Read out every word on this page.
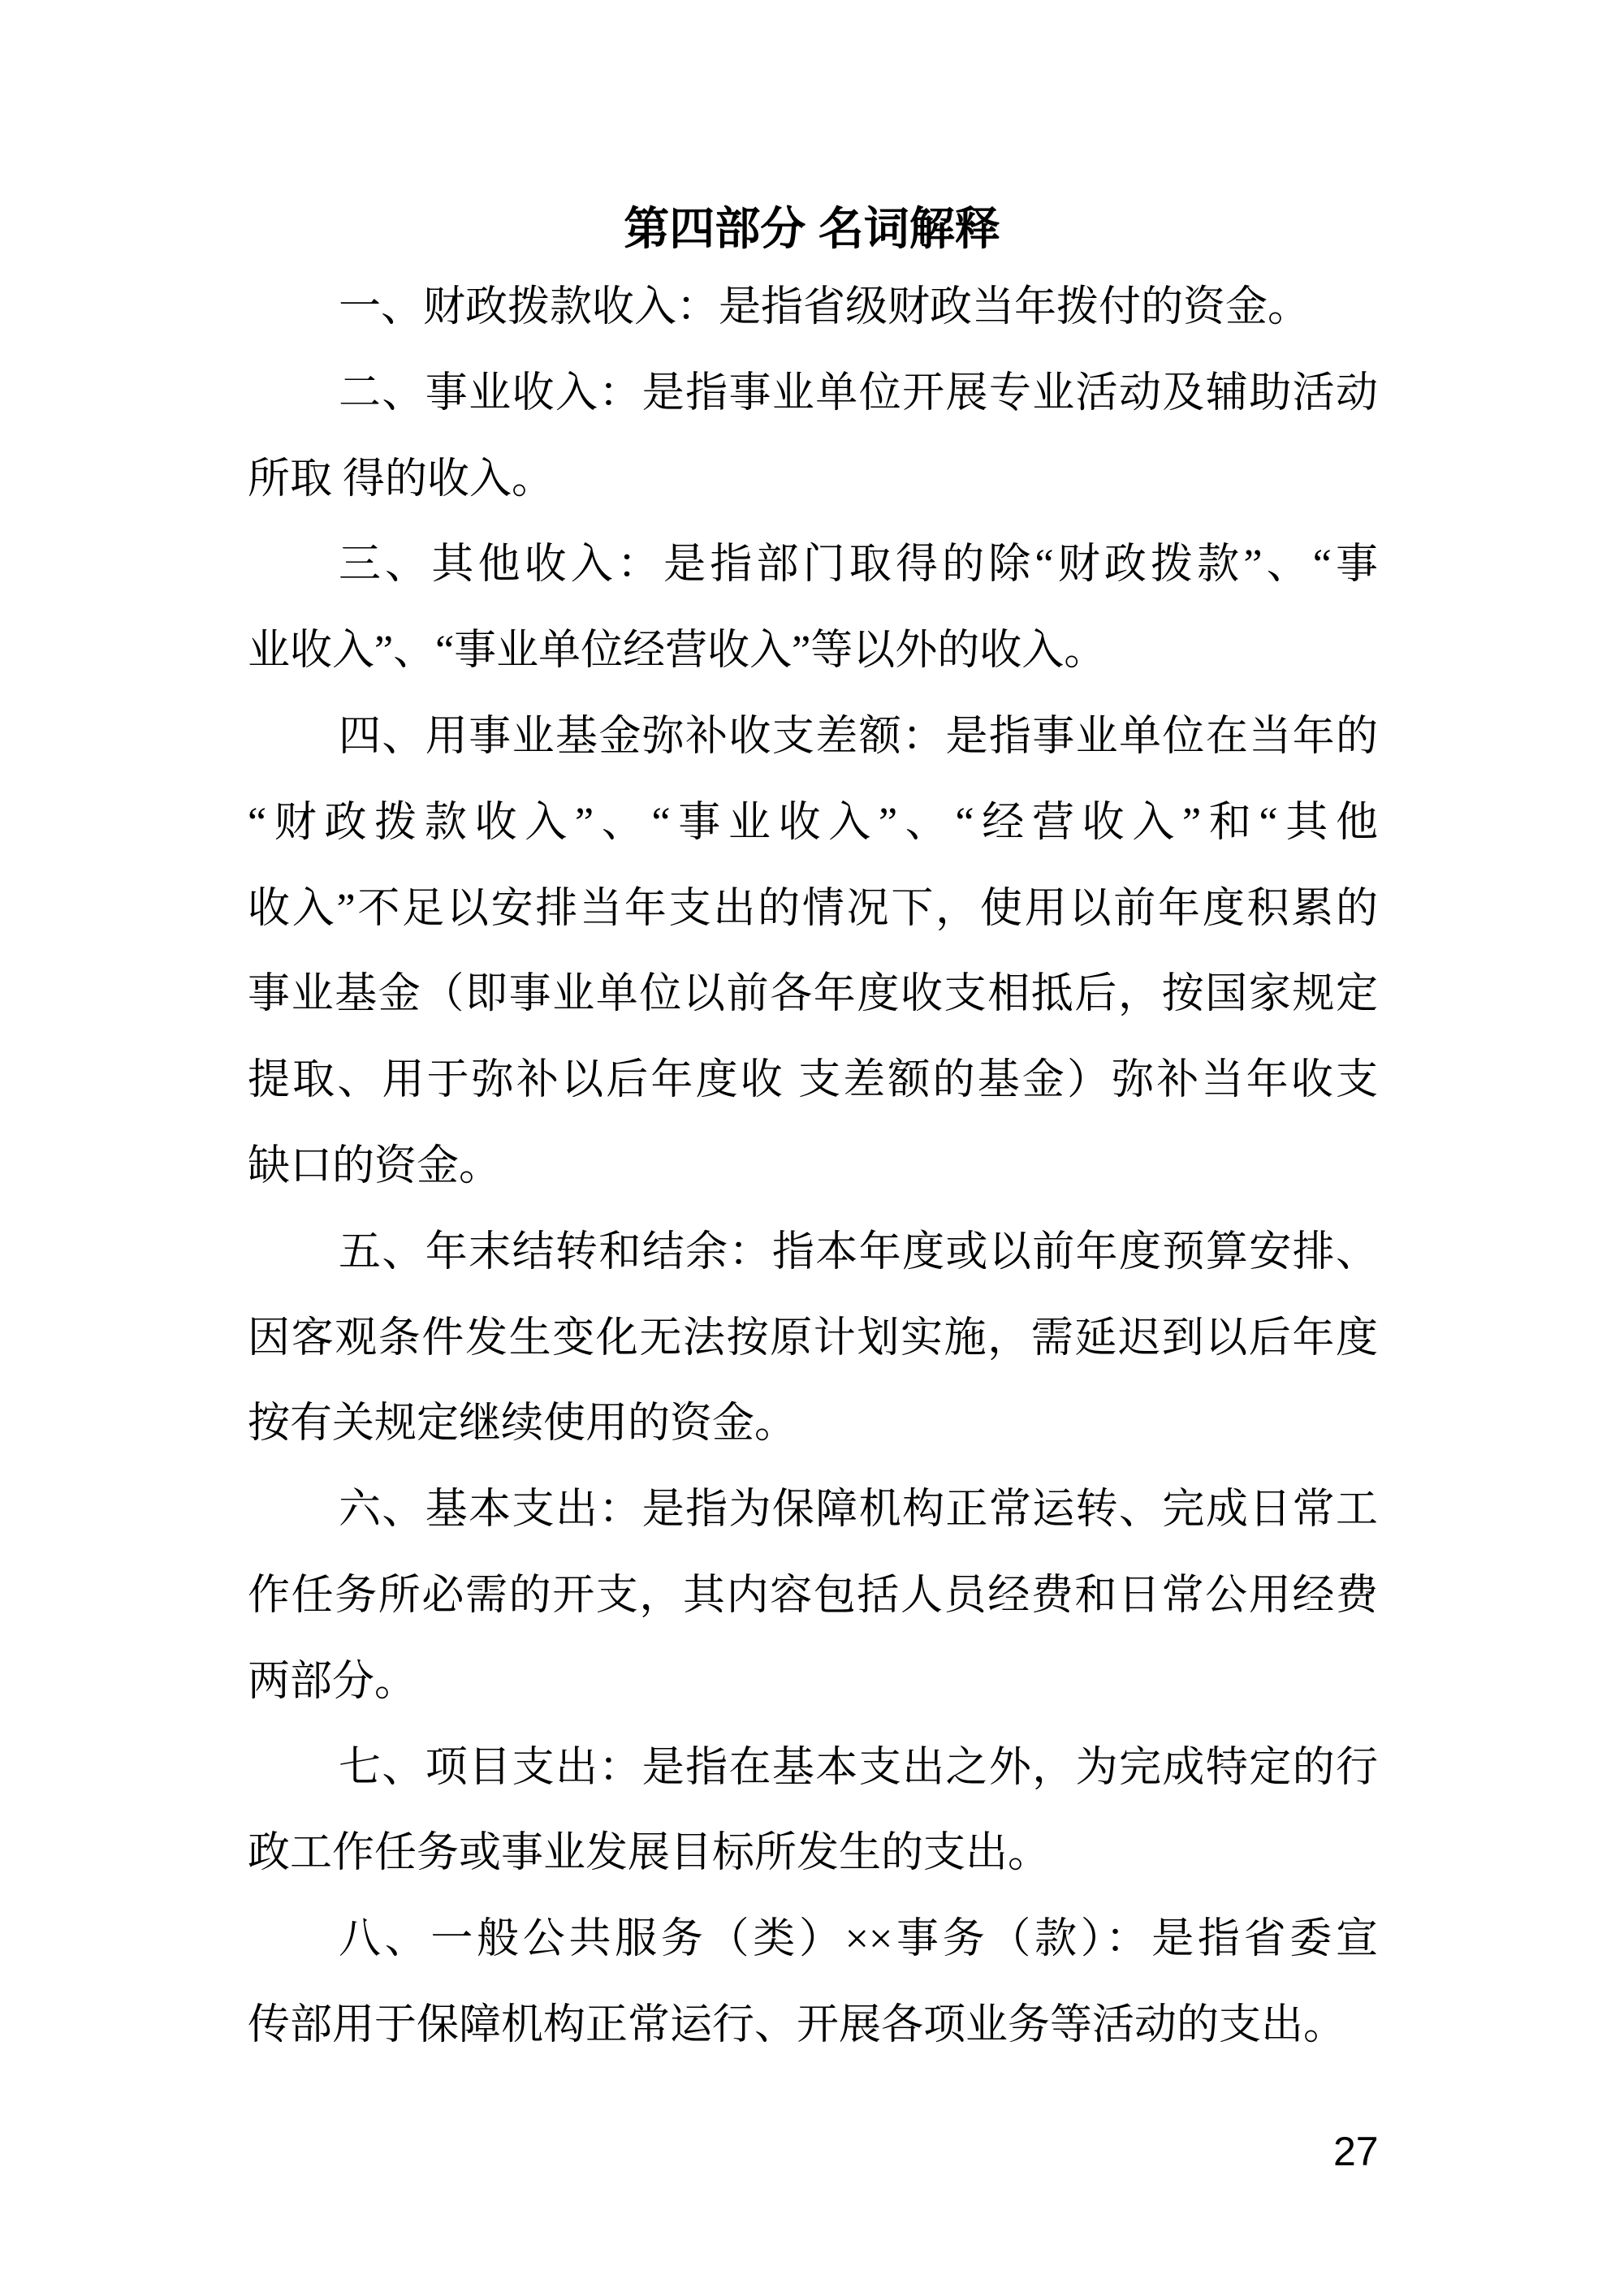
第四部分 名词解释
一、财政拨款收入：是指省级财政当年拨付的资金。
二、事业收入：是指事业单位开展专业活动及辅助活动
所取 得的收入。
三、其他收入：是指部门取得的除“财政拨款”、“事
业收入”、“事业单位经营收入”等以外的收入。
四、用事业基金弥补收支差额：是指事业单位在当年的
“财政拨款收入”、“事业收入”、“经营收入”和“其他
收入”不足以安排当年支出的情况下，使用以前年度积累的
事业基金（即事业单位以前各年度收支相抵后，按国家规定
提取、用于弥补以后年度收 支差额的基金）弥补当年收支
缺口的资金。
五、年末结转和结余：指本年度或以前年度预算安排、
因客观条件发生变化无法按原计划实施，需延迟到以后年度
按有关规定继续使用的资金。
六、基本支出：是指为保障机构正常运转、完成日常工
作任务所必需的开支，其内容包括人员经费和日常公用经费
两部分。
七、项目支出：是指在基本支出之外，为完成特定的行
政工作任务或事业发展目标所发生的支出。
八、一般公共服务（类）××事务（款）：是指省委宣
传部用于保障机构正常运行、开展各项业务等活动的支出。
27
